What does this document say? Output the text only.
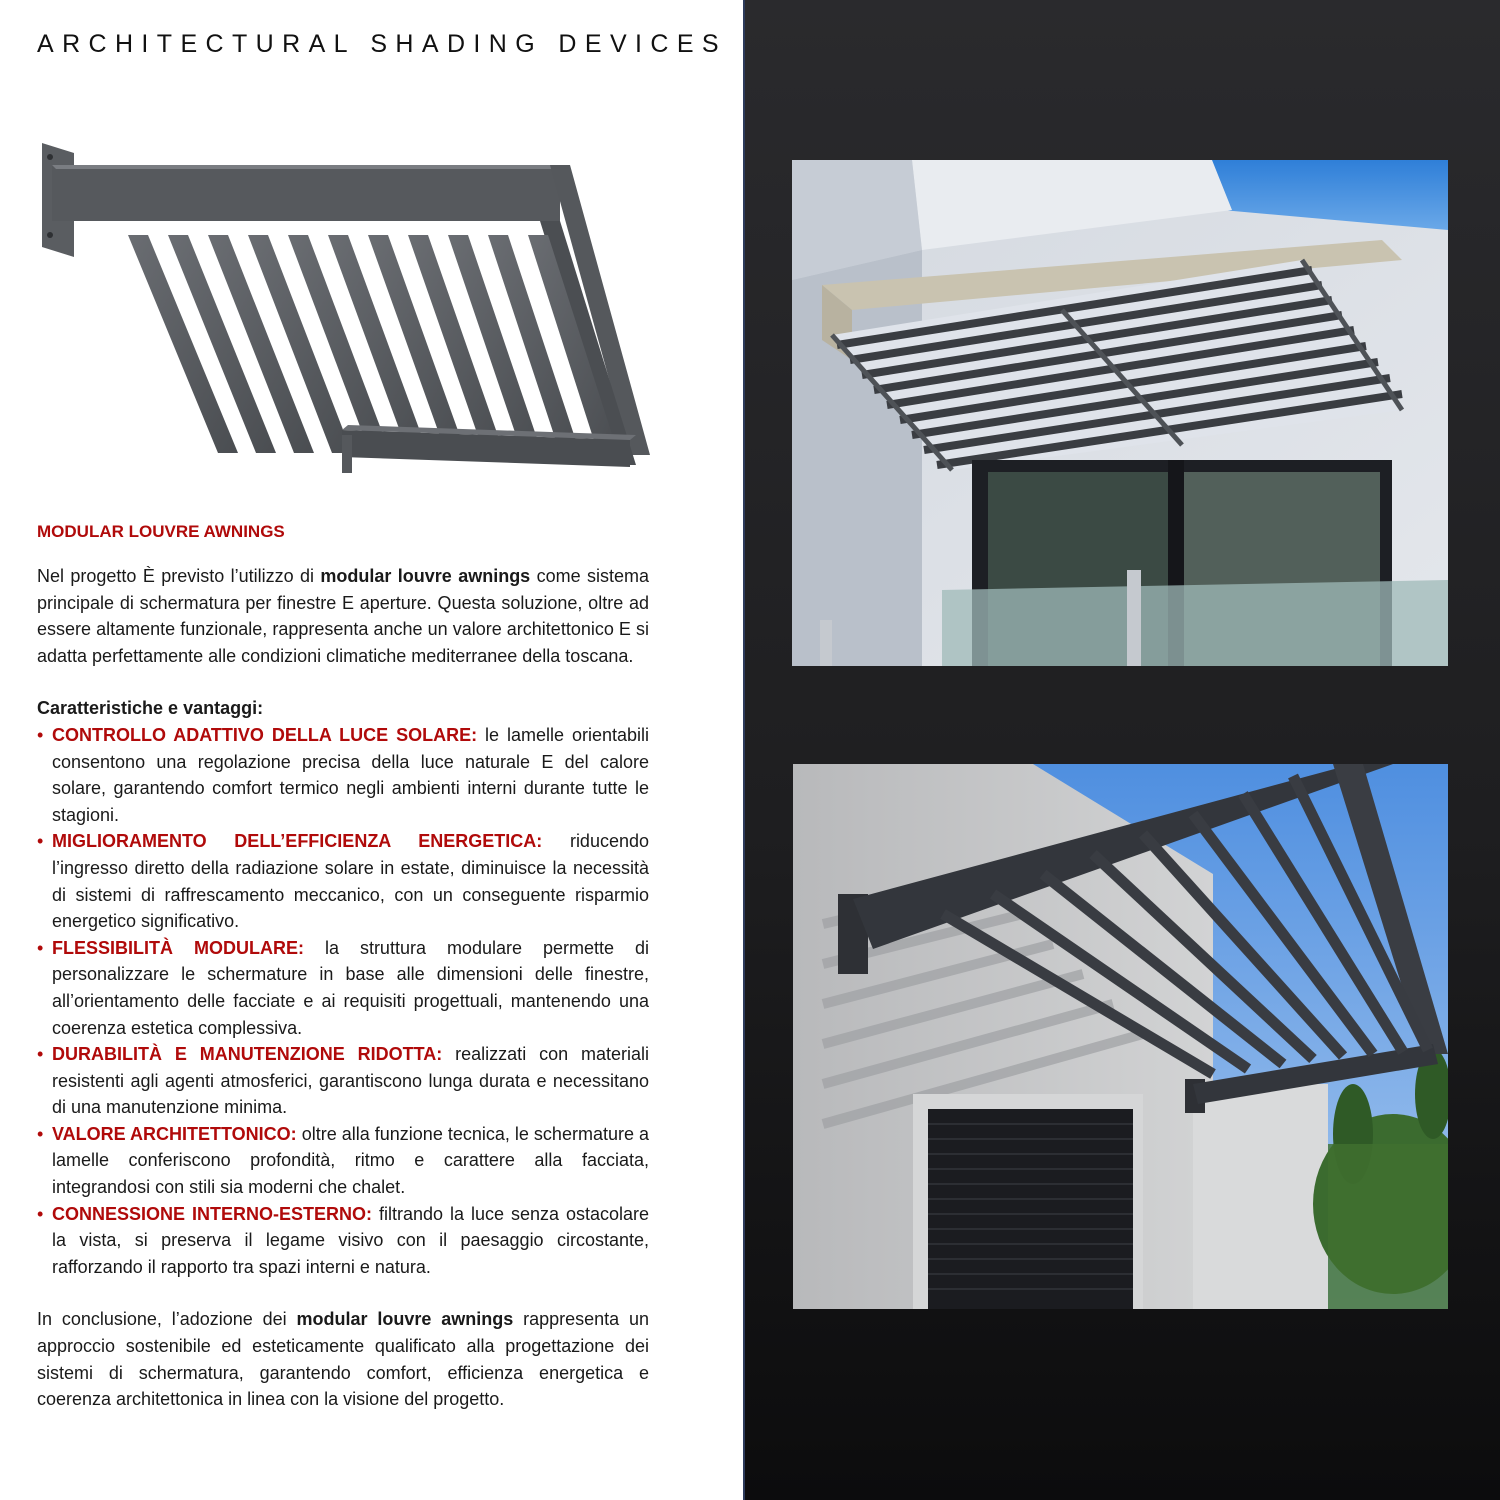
ARCHITECTURAL SHADING DEVICES
MODULAR LOUVRE AWNINGS

Nel progetto È previsto l’utilizzo di modular louvre awnings come sistema principale di schermatura per finestre E aperture. Questa soluzione, oltre ad essere altamente funzionale, rappresenta anche un valore architettonico E si adatta perfettamente alle condizioni climatiche mediterranee della toscana.

Caratteristiche e vantaggi:
• CONTROLLO ADATTIVO DELLA LUCE SOLARE: le lamelle orientabili consentono una regolazione precisa della luce naturale E del calore solare, garantendo comfort termico negli ambienti interni durante tutte le stagioni.
• MIGLIORAMENTO DELL’EFFICIENZA ENERGETICA: riducendo l’ingresso diretto della radiazione solare in estate, diminuisce la necessità di sistemi di raffrescamento meccanico, con un conseguente risparmio energetico significativo.
• FLESSIBILITÀ MODULARE: la struttura modulare permette di personalizzare le schermature in base alle dimensioni delle finestre, all’orientamento delle facciate e ai requisiti progettuali, mantenendo una coerenza estetica complessiva.
• DURABILITÀ E MANUTENZIONE RIDOTTA: realizzati con materiali resistenti agli agenti atmosferici, garantiscono lunga durata e necessitano di una manutenzione minima.
• VALORE ARCHITETTONICO: oltre alla funzione tecnica, le schermature a lamelle conferiscono profondità, ritmo e carattere alla facciata, integrandosi con stili sia moderni che chalet.
• CONNESSIONE INTERNO-ESTERNO: filtrando la luce senza ostacolare la vista, si preserva il legame visivo con il paesaggio circostante, rafforzando il rapporto tra spazi interni e natura.

In conclusione, l’adozione dei modular louvre awnings rappresenta un approccio sostenibile ed esteticamente qualificato alla progettazione dei sistemi di schermatura, garantendo comfort, efficienza energetica e coerenza architettonica in linea con la visione del progetto.
